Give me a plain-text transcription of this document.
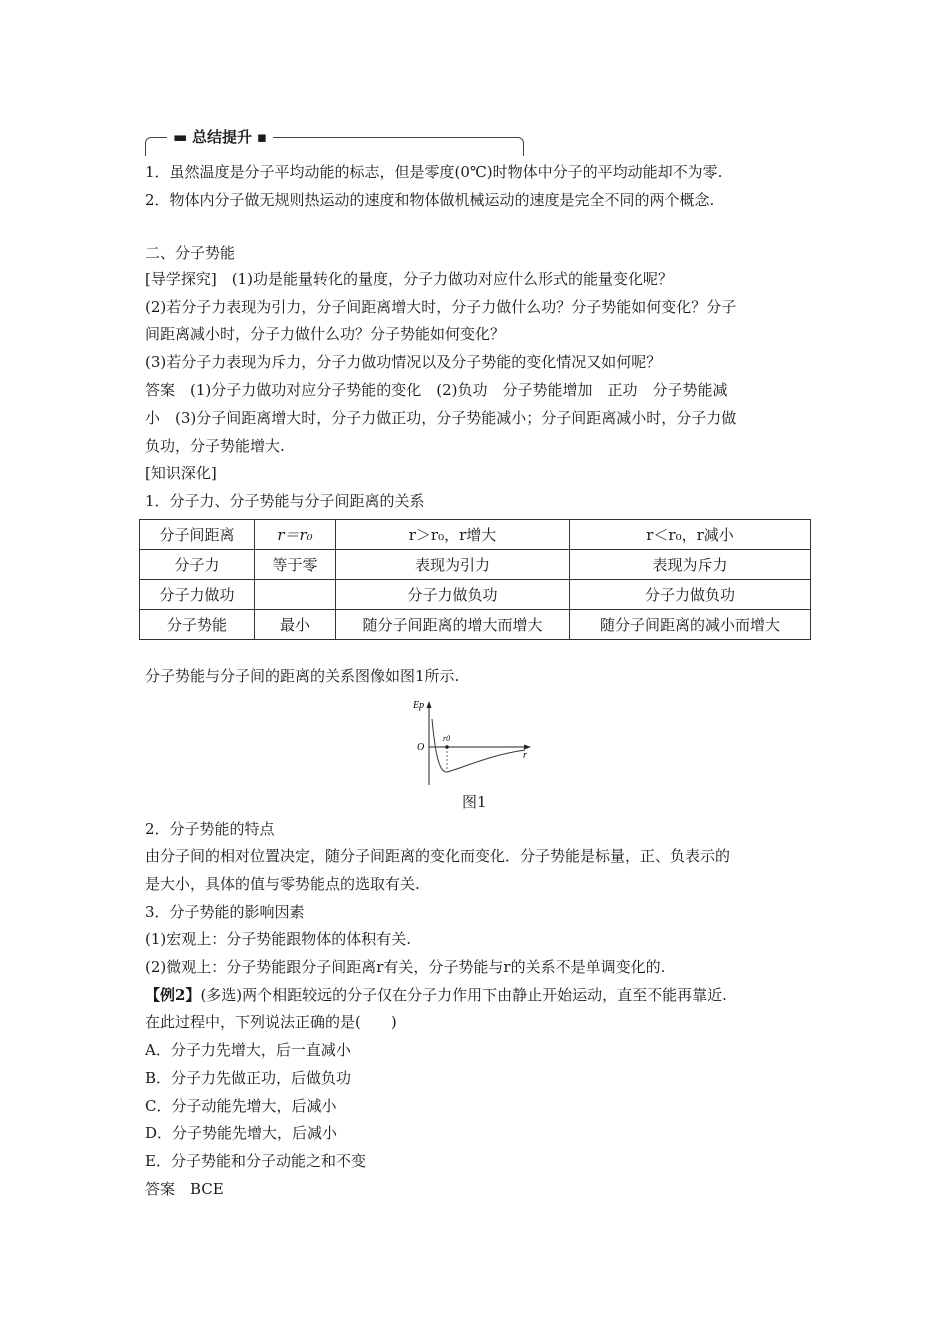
▬ 总结提升 ▪
1．虽然温度是分子平均动能的标志，但是零度(0℃)时物体中分子的平均动能却不为零.
2．物体内分子做无规则热运动的速度和物体做机械运动的速度是完全不同的两个概念.
二、分子势能
[导学探究]　(1)功是能量转化的量度，分子力做功对应什么形式的能量变化呢？
(2)若分子力表现为引力，分子间距离增大时，分子力做什么功？分子势能如何变化？分子
间距离减小时，分子力做什么功？分子势能如何变化？
(3)若分子力表现为斥力，分子力做功情况以及分子势能的变化情况又如何呢？
答案　(1)分子力做功对应分子势能的变化　(2)负功　分子势能增加　正功　分子势能减
小　(3)分子间距离增大时，分子力做正功，分子势能减小；分子间距离减小时，分子力做
负功，分子势能增大.
[知识深化]
1．分子力、分子势能与分子间距离的关系
分子间距离	r＝r₀	r＞r₀，r增大	r＜r₀，r减小
分子力	等于零	表现为引力	表现为斥力
分子力做功		分子力做负功	分子力做负功
分子势能	最小	随分子间距离的增大而增大	随分子间距离的减小而增大
分子势能与分子间的距离的关系图像如图1所示.
Ep
O
r0
r
图1
2．分子势能的特点
由分子间的相对位置决定，随分子间距离的变化而变化．分子势能是标量，正、负表示的
是大小，具体的值与零势能点的选取有关.
3．分子势能的影响因素
(1)宏观上：分子势能跟物体的体积有关.
(2)微观上：分子势能跟分子间距离r有关，分子势能与r的关系不是单调变化的.
【例2】(多选)两个相距较远的分子仅在分子力作用下由静止开始运动，直至不能再靠近.
在此过程中，下列说法正确的是(　　)
A．分子力先增大，后一直减小
B．分子力先做正功，后做负功
C．分子动能先增大，后减小
D．分子势能先增大，后减小
E．分子势能和分子动能之和不变
答案　BCE
